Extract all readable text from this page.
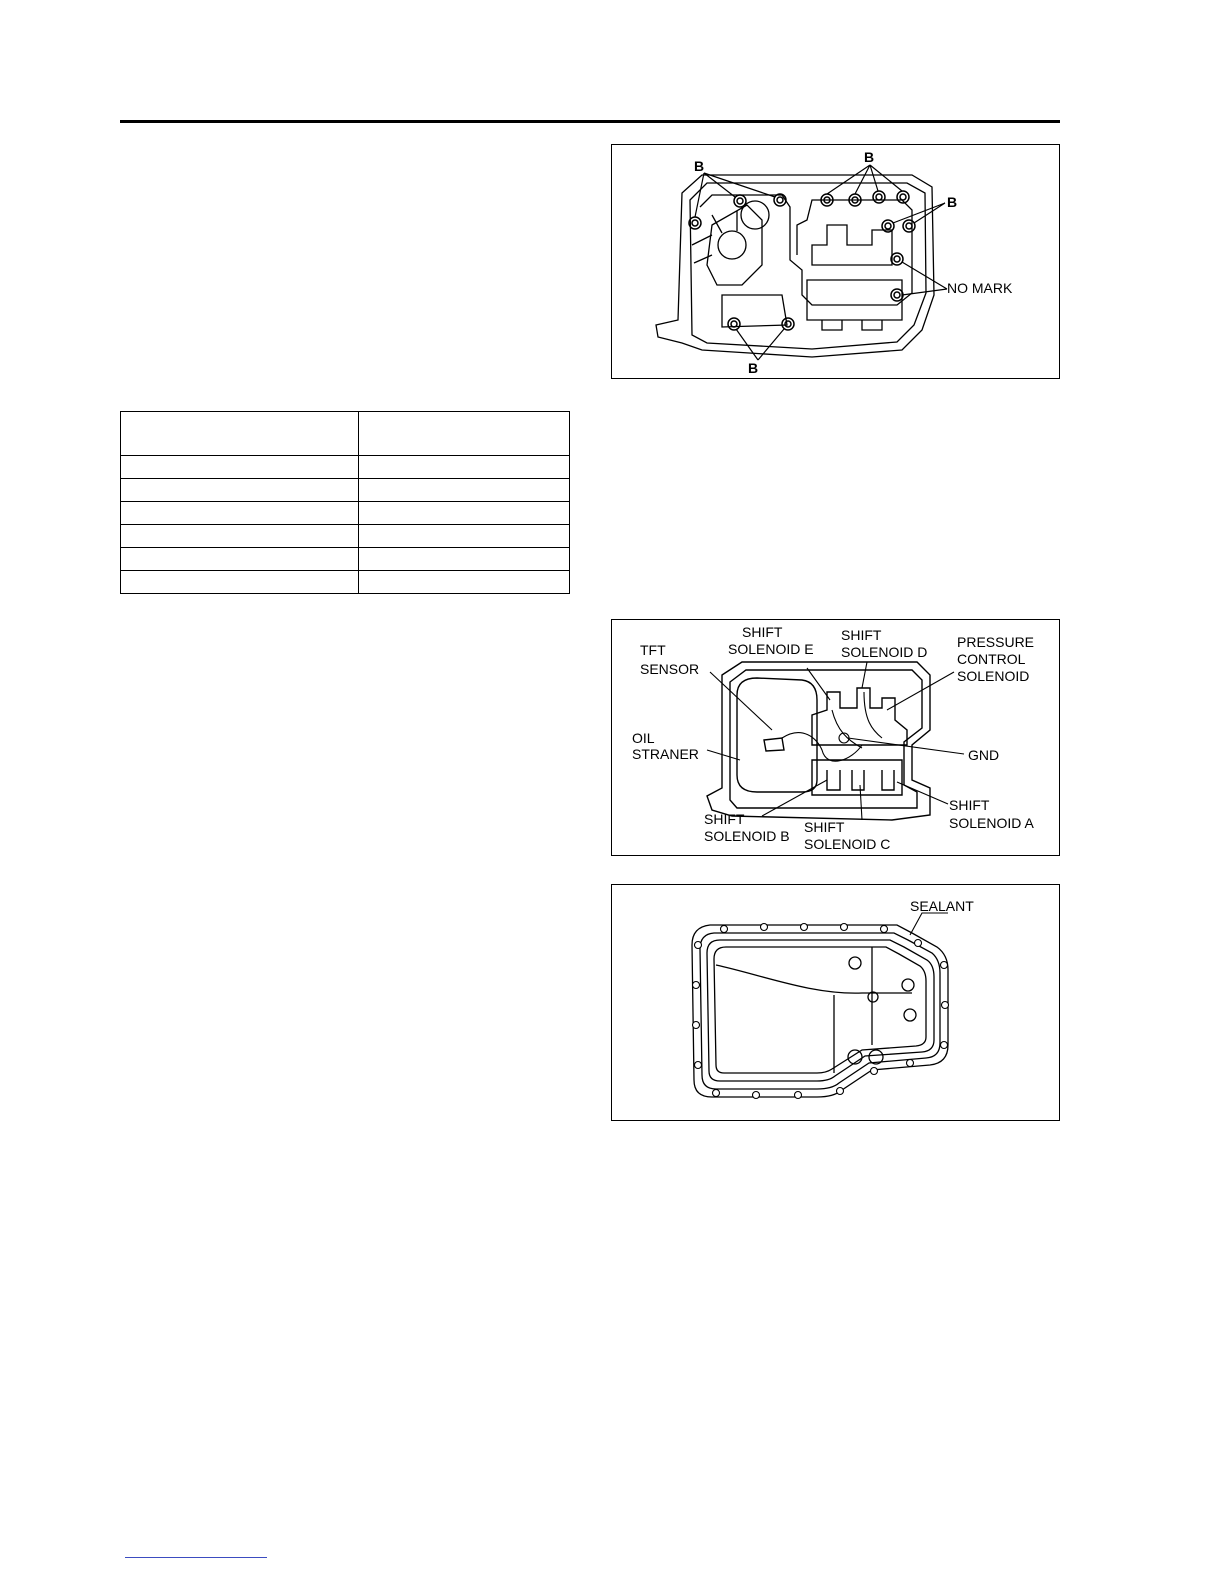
B
B
B
NO MARK
B

TFT
SENSOR
SHIFT
SOLENOID E
SHIFT
SOLENOID D
PRESSURE
CONTROL
SOLENOID
OIL
STRANER	GND
SHIFT
SOLENOID B
SHIFT
SOLENOID C
SHIFT
SOLENOID A
SEALANT
